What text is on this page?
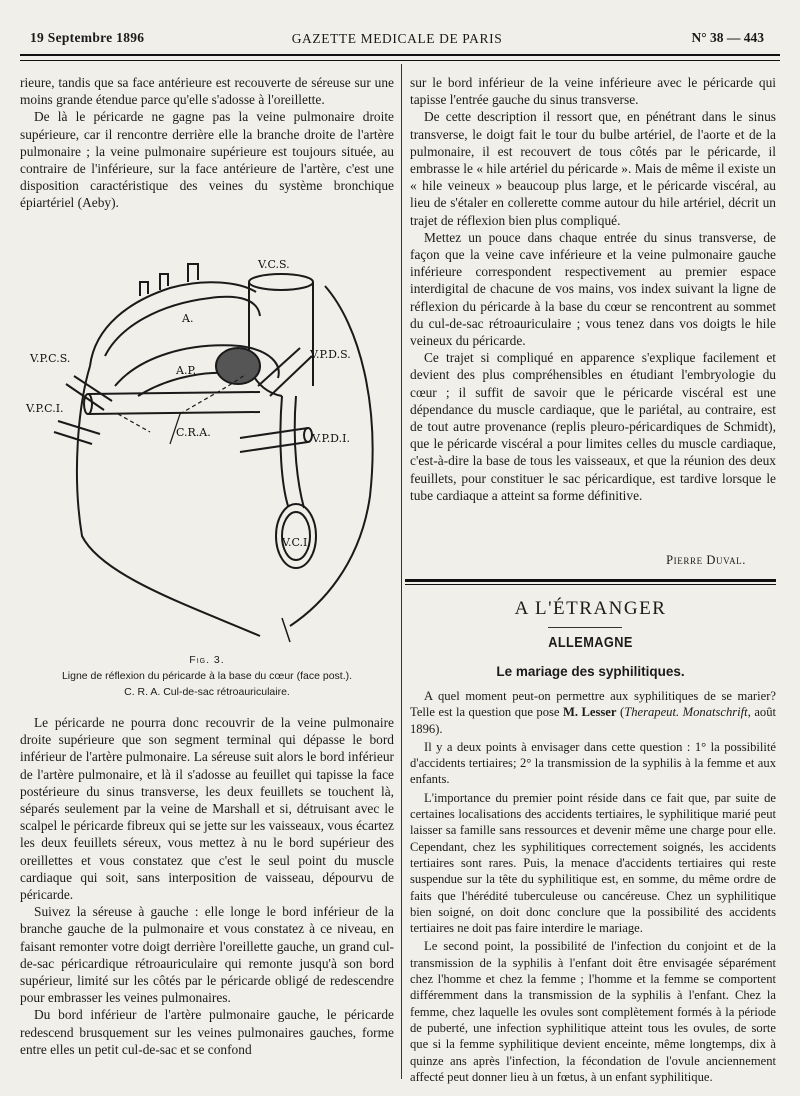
19 Septembre 1896	GAZETTE MEDICALE DE PARIS	N° 38 — 443

rieure, tandis que sa face antérieure est recouverte de séreuse sur une moins grande étendue parce qu'elle s'adosse à l'oreillette.

De là le péricarde ne gagne pas la veine pulmonaire droite supérieure, car il rencontre derrière elle la branche droite de l'artère pulmonaire ; la veine pulmonaire supérieure est toujours située, au contraire de l'inférieure, sur la face antérieure de l'artère, c'est une disposition caractéristique des veines du système bronchique épiartériel (Aeby).

V.C.S.
A.
V.P.C.S.
A.P.
V.P.D.S.
V.P.C.I.
C.R.A.	V.P.D.I.
V.C.I.
Fig. 3.
Ligne de réflexion du péricarde à la base du cœur (face post.).
C. R. A. Cul-de-sac rétroauriculaire.

Le péricarde ne pourra donc recouvrir de la veine pulmonaire droite supérieure que son segment terminal qui dépasse le bord inférieur de l'artère pulmonaire. La séreuse suit alors le bord inférieur de l'artère pulmonaire, et là il s'adosse au feuillet qui tapisse la face postérieure du sinus transverse, les deux feuillets se touchent là, séparés seulement par la veine de Marshall et si, détruisant avec le scalpel le péricarde fibreux qui se jette sur les vaisseaux, vous écartez les deux feuillets séreux, vous mettez à nu le bord supérieur des oreillettes et vous constatez que c'est le seul point du muscle cardiaque qui soit, sans interposition de vaisseau, dépourvu de péricarde.

Suivez la séreuse à gauche : elle longe le bord inférieur de la branche gauche de la pulmonaire et vous constatez à ce niveau, en faisant remonter votre doigt derrière l'oreillette gauche, un grand cul-de-sac péricardique rétroauriculaire qui remonte jusqu'à son bord supérieur, limité sur les côtés par le péricarde obligé de redescendre pour embrasser les veines pulmonaires.

Du bord inférieur de l'artère pulmonaire gauche, le péricarde redescend brusquement sur les veines pulmonaires gauches, forme entre elles un petit cul-de-sac et se confond

sur le bord inférieur de la veine inférieure avec le péricarde qui tapisse l'entrée gauche du sinus transverse.

De cette description il ressort que, en pénétrant dans le sinus transverse, le doigt fait le tour du bulbe artériel, de l'aorte et de la pulmonaire, il est recouvert de tous côtés par le péricarde, il embrasse le « hile artériel du péricarde ». Mais de même il existe un « hile veineux » beaucoup plus large, et le péricarde viscéral, au lieu de s'étaler en collerette comme autour du hile artériel, décrit un trajet de réflexion bien plus compliqué.

Mettez un pouce dans chaque entrée du sinus transverse, de façon que la veine cave inférieure et la veine pulmonaire gauche inférieure correspondent respectivement au premier espace interdigital de chacune de vos mains, vos index suivant la ligne de réflexion du péricarde à la base du cœur se rencontrent au sommet du cul-de-sac rétroauriculaire ; vous tenez dans vos doigts le hile veineux du péricarde.

Ce trajet si compliqué en apparence s'explique facilement et devient des plus compréhensibles en étudiant l'embryologie du cœur ; il suffit de savoir que le péricarde viscéral est une dépendance du muscle cardiaque, que le pariétal, au contraire, est de tout autre provenance (replis pleuro-péricardiques de Schmidt), que le péricarde viscéral a pour limites celles du muscle cardiaque, c'est-à-dire la base de tous les vaisseaux, et que la réunion des deux feuillets, pour constituer le sac péricardique, est tardive lorsque le tube cardiaque a atteint sa forme définitive.

Pierre Duval.
A L'ÉTRANGER
ALLEMAGNE
Le mariage des syphilitiques.

A quel moment peut-on permettre aux syphilitiques de se marier? Telle est la question que pose M. Lesser (Therapeut. Monatschrift, août 1896).

Il y a deux points à envisager dans cette question : 1° la possibilité d'accidents tertiaires; 2° la transmission de la syphilis à la femme et aux enfants.

L'importance du premier point réside dans ce fait que, par suite de certaines localisations des accidents tertiaires, le syphilitique marié peut laisser sa famille sans ressources et devenir même une charge pour elle. Cependant, chez les syphilitiques correctement soignés, les accidents tertiaires sont rares. Puis, la menace d'accidents tertiaires qui reste suspendue sur la tête du syphilitique est, en somme, du même ordre de faits que l'hérédité tuberculeuse ou cancéreuse. Chez un syphilitique bien soigné, on doit donc conclure que la possibilité des accidents tertiaires ne doit pas faire interdire le mariage.

Le second point, la possibilité de l'infection du conjoint et de la transmission de la syphilis à l'enfant doit être envisagée séparément chez l'homme et chez la femme ; l'homme et la femme se comportent différemment dans la transmission de la syphilis à l'enfant. Chez la femme, chez laquelle les ovules sont complètement formés à la période de puberté, une infection syphilitique atteint tous les ovules, de sorte que si la femme syphilitique devient enceinte, même longtemps, dix à quinze ans après l'infection, la fécondation de l'ovule anciennement affecté peut donner lieu à un fœtus, à un enfant syphilitique.
